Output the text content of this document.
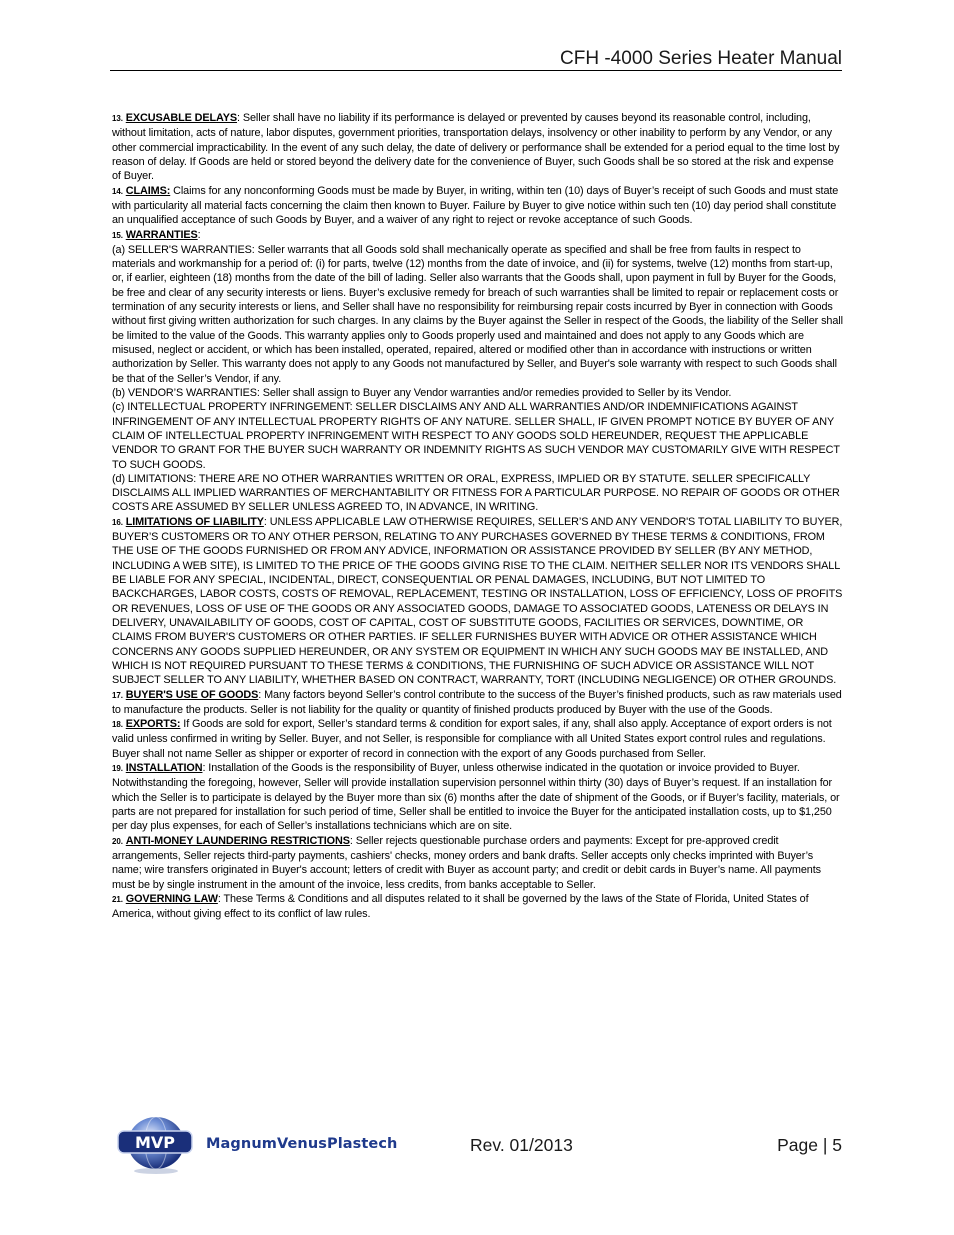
CFH -4000 Series Heater Manual

13. EXCUSABLE DELAYS: Seller shall have no liability if its performance is delayed or prevented by causes beyond its reasonable control, including, without limitation, acts of nature, labor disputes, government priorities, transportation delays, insolvency or other inability to perform by any Vendor, or any other commercial impracticability. In the event of any such delay, the date of delivery or performance shall be extended for a period equal to the time lost by reason of delay. If Goods are held or stored beyond the delivery date for the convenience of Buyer, such Goods shall be so stored at the risk and expense of Buyer.

14. CLAIMS: Claims for any nonconforming Goods must be made by Buyer, in writing, within ten (10) days of Buyer’s receipt of such Goods and must state with particularity all material facts concerning the claim then known to Buyer. Failure by Buyer to give notice within such ten (10) day period shall constitute an unqualified acceptance of such Goods by Buyer, and a waiver of any right to reject or revoke acceptance of such Goods.

15. WARRANTIES:

(a) SELLER'S WARRANTIES: Seller warrants that all Goods sold shall mechanically operate as specified and shall be free from faults in respect to materials and workmanship for a period of: (i) for parts, twelve (12) months from the date of invoice, and (ii) for systems, twelve (12) months from start-up, or, if earlier, eighteen (18) months from the date of the bill of lading. Seller also warrants that the Goods shall, upon payment in full by Buyer for the Goods, be free and clear of any security interests or liens. Buyer’s exclusive remedy for breach of such warranties shall be limited to repair or replacement costs or termination of any security interests or liens, and Seller shall have no responsibility for reimbursing repair costs incurred by Byer in connection with Goods without first giving written authorization for such charges. In any claims by the Buyer against the Seller in respect of the Goods, the liability of the Seller shall be limited to the value of the Goods. This warranty applies only to Goods properly used and maintained and does not apply to any Goods which are misused, neglect or accident, or which has been installed, operated, repaired, altered or modified other than in accordance with instructions or written authorization by Seller. This warranty does not apply to any Goods not manufactured by Seller, and Buyer's sole warranty with respect to such Goods shall be that of the Seller’s Vendor, if any.

(b) VENDOR’S WARRANTIES: Seller shall assign to Buyer any Vendor warranties and/or remedies provided to Seller by its Vendor.

(c) INTELLECTUAL PROPERTY INFRINGEMENT: SELLER DISCLAIMS ANY AND ALL WARRANTIES AND/OR INDEMNIFICATIONS AGAINST INFRINGEMENT OF ANY INTELLECTUAL PROPERTY RIGHTS OF ANY NATURE. SELLER SHALL, IF GIVEN PROMPT NOTICE BY BUYER OF ANY CLAIM OF INTELLECTUAL PROPERTY INFRINGEMENT WITH RESPECT TO ANY GOODS SOLD HEREUNDER, REQUEST THE APPLICABLE VENDOR TO GRANT FOR THE BUYER SUCH WARRANTY OR INDEMNITY RIGHTS AS SUCH VENDOR MAY CUSTOMARILY GIVE WITH RESPECT TO SUCH GOODS.

(d) LIMITATIONS: THERE ARE NO OTHER WARRANTIES WRITTEN OR ORAL, EXPRESS, IMPLIED OR BY STATUTE. SELLER SPECIFICALLY DISCLAIMS ALL IMPLIED WARRANTIES OF MERCHANTABILITY OR FITNESS FOR A PARTICULAR PURPOSE. NO REPAIR OF GOODS OR OTHER COSTS ARE ASSUMED BY SELLER UNLESS AGREED TO, IN ADVANCE, IN WRITING.

16. LIMITATIONS OF LIABILITY: UNLESS APPLICABLE LAW OTHERWISE REQUIRES, SELLER’S AND ANY VENDOR'S TOTAL LIABILITY TO BUYER, BUYER’S CUSTOMERS OR TO ANY OTHER PERSON, RELATING TO ANY PURCHASES GOVERNED BY THESE TERMS & CONDITIONS, FROM THE USE OF THE GOODS FURNISHED OR FROM ANY ADVICE, INFORMATION OR ASSISTANCE PROVIDED BY SELLER (BY ANY METHOD, INCLUDING A WEB SITE), IS LIMITED TO THE PRICE OF THE GOODS GIVING RISE TO THE CLAIM. NEITHER SELLER NOR ITS VENDORS SHALL BE LIABLE FOR ANY SPECIAL, INCIDENTAL, DIRECT, CONSEQUENTIAL OR PENAL DAMAGES, INCLUDING, BUT NOT LIMITED TO BACKCHARGES, LABOR COSTS, COSTS OF REMOVAL, REPLACEMENT, TESTING OR INSTALLATION, LOSS OF EFFICIENCY, LOSS OF PROFITS OR REVENUES, LOSS OF USE OF THE GOODS OR ANY ASSOCIATED GOODS, DAMAGE TO ASSOCIATED GOODS, LATENESS OR DELAYS IN DELIVERY, UNAVAILABILITY OF GOODS, COST OF CAPITAL, COST OF SUBSTITUTE GOODS, FACILITIES OR SERVICES, DOWNTIME, OR CLAIMS FROM BUYER'S CUSTOMERS OR OTHER PARTIES. IF SELLER FURNISHES BUYER WITH ADVICE OR OTHER ASSISTANCE WHICH CONCERNS ANY GOODS SUPPLIED HEREUNDER, OR ANY SYSTEM OR EQUIPMENT IN WHICH ANY SUCH GOODS MAY BE INSTALLED, AND WHICH IS NOT REQUIRED PURSUANT TO THESE TERMS & CONDITIONS, THE FURNISHING OF SUCH ADVICE OR ASSISTANCE WILL NOT SUBJECT SELLER TO ANY LIABILITY, WHETHER BASED ON CONTRACT, WARRANTY, TORT (INCLUDING NEGLIGENCE) OR OTHER GROUNDS.

17. BUYER'S USE OF GOODS: Many factors beyond Seller’s control contribute to the success of the Buyer’s finished products, such as raw materials used to manufacture the products. Seller is not liability for the quality or quantity of finished products produced by Buyer with the use of the Goods.

18. EXPORTS: If Goods are sold for export, Seller’s standard terms & condition for export sales, if any, shall also apply. Acceptance of export orders is not valid unless confirmed in writing by Seller. Buyer, and not Seller, is responsible for compliance with all United States export control rules and regulations. Buyer shall not name Seller as shipper or exporter of record in connection with the export of any Goods purchased from Seller.

19. INSTALLATION: Installation of the Goods is the responsibility of Buyer, unless otherwise indicated in the quotation or invoice provided to Buyer. Notwithstanding the foregoing, however, Seller will provide installation supervision personnel within thirty (30) days of Buyer’s request. If an installation for which the Seller is to participate is delayed by the Buyer more than six (6) months after the date of shipment of the Goods, or if Buyer’s facility, materials, or parts are not prepared for installation for such period of time, Seller shall be entitled to invoice the Buyer for the anticipated installation costs, up to $1,250 per day plus expenses, for each of Seller’s installations technicians which are on site.

20. ANTI-MONEY LAUNDERING RESTRICTIONS: Seller rejects questionable purchase orders and payments: Except for pre-approved credit arrangements, Seller rejects third-party payments, cashiers' checks, money orders and bank drafts. Seller accepts only checks imprinted with Buyer’s name; wire transfers originated in Buyer's account; letters of credit with Buyer as account party; and credit or debit cards in Buyer’s name. All payments must be by single instrument in the amount of the invoice, less credits, from banks acceptable to Seller.

21. GOVERNING LAW: These Terms & Conditions and all disputes related to it shall be governed by the laws of the State of Florida, United States of America, without giving effect to its conflict of law rules.

MVP MagnumVenusPlastech	Rev. 01/2013	Page | 5
